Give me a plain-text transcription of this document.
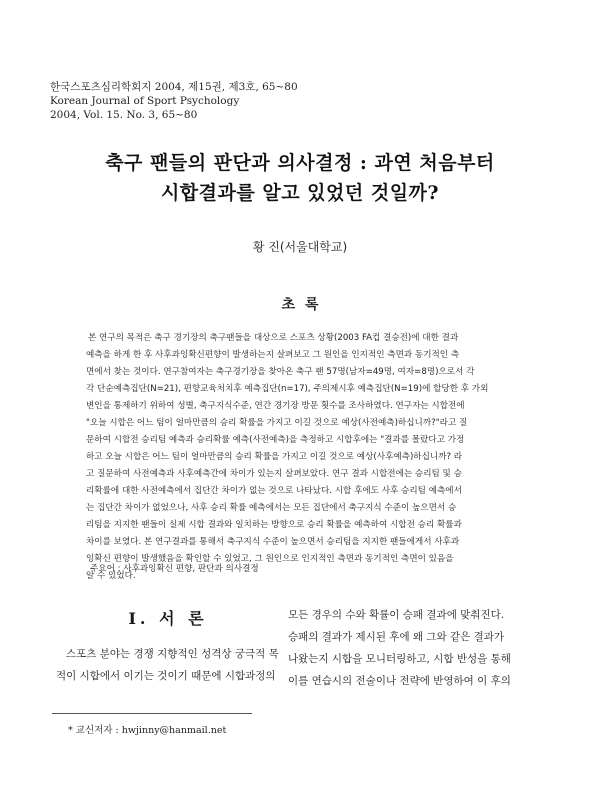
한국스포츠심리학회지 2004, 제15권, 제3호, 65~80
Korean Journal of Sport Psychology
2004, Vol. 15. No. 3, 65~80
축구 팬들의 판단과 의사결정 : 과연 처음부터
시합결과를 알고 있었던 것일까?
황 진(서울대학교)
초록
본 연구의 목적은 축구 경기장의 축구팬들을 대상으로 스포츠 상황(2003 FA컵 결승전)에 대한 결과
예측을 하게 한 후 사후과잉확신편향이 발생하는지 살펴보고 그 원인을 인지적인 측면과 동기적인 측
면에서 찾는 것이다. 연구참여자는 축구경기장을 찾아온 축구 팬 57명(남자=49명, 여자=8명)으로서 각
각 단순예측집단(N=21), 편향교육처치후 예측집단(n=17), 주의제시후 예측집단(N=19)에 할당한 후 가외
변인을 통제하기 위하여 성별, 축구지식수준, 연간 경기장 방문 횟수를 조사하였다. 연구자는 시합전에
"오늘 시합은 어느 팀이 얼마만큼의 승리 확률을 가지고 이길 것으로 예상(사전예측)하십니까?"라고 질
문하여 시합전 승리팀 예측과 승리확률 예측(사전예측)을 측정하고 시합후에는 "결과를 몰랐다고 가정
하고 오늘 시합은 어느 팀이 얼마만큼의 승리 확률을 가지고 이길 것으로 예상(사후예측)하십니까? 라
고 질문하여 사전예측과 사후예측간에 차이가 있는지 살펴보았다. 연구 결과 시합전에는 승리팀 및 승
리확률에 대한 사전예측에서 집단간 차이가 없는 것으로 나타났다. 시합 후에도 사후 승리팀 예측에서
는 집단간 차이가 없었으나, 사후 승리 확률 예측에서는 모든 집단에서 축구지식 수준이 높으면서 승
리팀을 지지한 팬들이 실제 시합 결과와 일치하는 방향으로 승리 확률을 예측하여 시합전 승리 확률과
차이를 보였다. 본 연구결과를 통해서 축구지식 수준이 높으면서 승리팀을 지지한 팬들에게서 사후과
잉확신 편향이 발생했음을 확인할 수 있었고, 그 원인으로 인지적인 측면과 동기적인 측면이 있음을
알 수 있었다.
주요어 : 사후과잉확신 편향, 판단과 의사결정
Ⅰ. 서 론
스포츠 분야는 경쟁 지향적인 성격상 궁극적 목
적이 시합에서 이기는 것이기 때문에 시합과정의
모든 경우의 수와 확률이 승패 결과에 맞춰진다.
승패의 결과가 제시된 후에 왜 그와 같은 결과가
나왔는지 시합을 모니터링하고, 시합 반성을 통해
이를 연습시의 전술이나 전략에 반영하여 이 후의
* 교신저자 : hwjinny@hanmail.net
